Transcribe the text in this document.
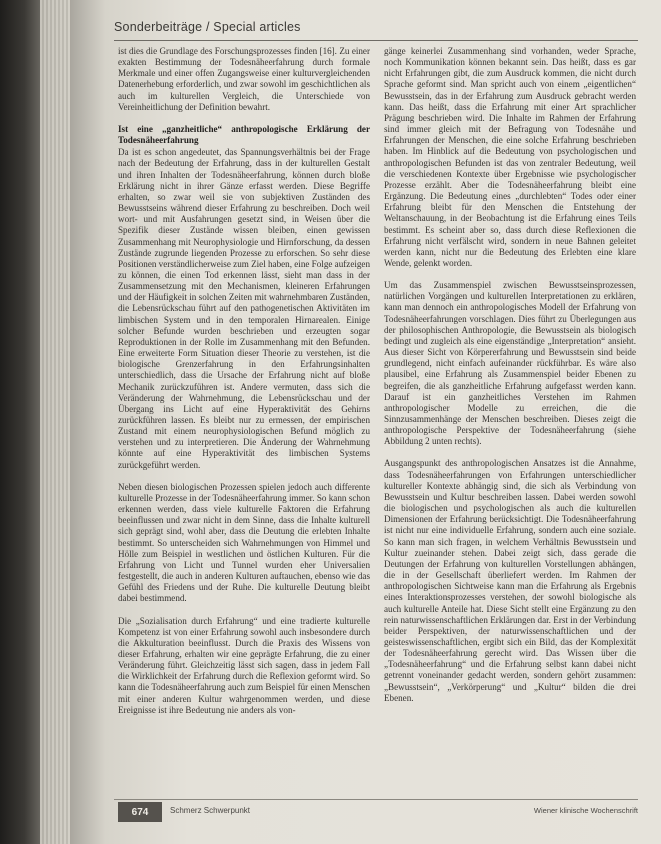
Sonderbeiträge / Special articles

ist dies die Grundlage des Forschungsprozesses finden [16]. Zu einer exakten Bestimmung der Todesnäheerfahrung durch formale Merkmale und einer offen Zugangsweise einer kulturvergleichenden Datenerhebung erforderlich, und zwar sowohl im geschichtlichen als auch im kulturellen Vergleich, die Unterschiede von Vereinheitlichung der Definition bewahrt.

Ist eine „ganzheitliche“ anthropologische Erklärung der Todesnäheerfahrung

Da ist es schon angedeutet, das Spannungsverhältnis bei der Frage nach der Bedeutung der Erfahrung, dass in der kulturellen Gestalt und ihren Inhalten der Todesnäheerfahrung, können durch bloße Erklärung nicht in ihrer Gänze erfasst werden. Diese Begriffe erhalten, so zwar weil sie von subjektiven Zuständen des Bewusstseins während dieser Erfahrung zu beschreiben. Doch weil wort- und mit Ausfahrungen gesetzt sind, in Weisen über die Spezifik dieser Zustände wissen bleiben, einen gewissen Zusammenhang mit Neurophysiologie und Hirnforschung, da dessen Zustände zugrunde liegenden Prozesse zu erforschen. So sehr diese Positionen verständlicherweise zum Ziel haben, eine Folge aufzeigen zu können, die einen Tod erkennen lässt, sieht man dass in der Zusammensetzung mit den Mechanismen, kleineren Erfahrungen und der Häufigkeit in solchen Zeiten mit wahrnehmbaren Zuständen, die Lebensrückschau führt auf den pathogenetischen Aktivitäten im limbischen System und in den temporalen Hirnarealen. Einige solcher Befunde wurden beschrieben und erzeugten sogar Reproduktionen in der Rolle im Zusammenhang mit den Befunden. Eine erweiterte Form Situation dieser Theorie zu verstehen, ist die biologische Grenzerfahrung in den Erfahrungsinhalten unterschiedlich, dass die Ursache der Erfahrung nicht auf bloße Mechanik zurückzuführen ist. Andere vermuten, dass sich die Veränderung der Wahrnehmung, die Lebensrückschau und der Übergang ins Licht auf eine Hyperaktivität des Gehirns zurückführen lassen. Es bleibt nur zu ermessen, der empirischen Zustand mit einem neurophysiologischen Befund möglich zu verstehen und zu interpretieren. Die Änderung der Wahrnehmung könnte auf eine Hyperaktivität des limbischen Systems zurückgeführt werden.

Neben diesen biologischen Prozessen spielen jedoch auch differente kulturelle Prozesse in der Todesnäheerfahrung immer. So kann schon erkennen werden, dass viele kulturelle Faktoren die Erfahrung beeinflussen und zwar nicht in dem Sinne, dass die Inhalte kulturell sich geprägt sind, wohl aber, dass die Deutung die erlebten Inhalte bestimmt. So unterscheiden sich Wahrnehmungen von Himmel und Hölle zum Beispiel in westlichen und östlichen Kulturen. Für die Erfahrung von Licht und Tunnel wurden eher Universalien festgestellt, die auch in anderen Kulturen auftauchen, ebenso wie das Gefühl des Friedens und der Ruhe. Die kulturelle Deutung bleibt dabei bestimmend.

Die „Sozialisation durch Erfahrung“ und eine tradierte kulturelle Kompetenz ist von einer Erfahrung sowohl auch insbesondere durch die Akkulturation beeinflusst. Durch die Praxis des Wissens von dieser Erfahrung, erhalten wir eine geprägte Erfahrung, die zu einer Veränderung führt. Gleichzeitig lässt sich sagen, dass in jedem Fall die Wirklichkeit der Erfahrung durch die Reflexion geformt wird. So kann die Todesnäheerfahrung auch zum Beispiel für einen Menschen mit einer anderen Kultur wahrgenommen werden, und diese Ereignisse ist ihre Bedeutung nie anders als von-

gänge keinerlei Zusammenhang sind vorhanden, weder Sprache, noch Kommunikation können bekannt sein. Das heißt, dass es gar nicht Erfahrungen gibt, die zum Ausdruck kommen, die nicht durch Sprache geformt sind. Man spricht auch von einem „eigentlichen“ Bewusstsein, das in der Erfahrung zum Ausdruck gebracht werden kann. Das heißt, dass die Erfahrung mit einer Art sprachlicher Prägung beschrieben wird. Die Inhalte im Rahmen der Erfahrung sind immer gleich mit der Befragung von Todesnähe und Erfahrungen der Menschen, die eine solche Erfahrung beschrieben haben. Im Hinblick auf die Bedeutung von psychologischen und anthropologischen Befunden ist das von zentraler Bedeutung, weil die verschiedenen Kontexte über Ergebnisse wie psychologischer Prozesse erzählt. Aber die Todesnäheerfahrung bleibt eine Ergänzung. Die Bedeutung eines „durchlebten“ Todes oder einer Erfahrung bleibt für den Menschen die Entstehung der Weltanschauung, in der Beobachtung ist die Erfahrung eines Teils bestimmt. Es scheint aber so, dass durch diese Reflexionen die Erfahrung nicht verfälscht wird, sondern in neue Bahnen geleitet werden kann, nicht nur die Bedeutung des Erlebten eine klare Wende, gelenkt worden.

Um das Zusammenspiel zwischen Bewusstseinsprozessen, natürlichen Vorgängen und kulturellen Interpretationen zu erklären, kann man dennoch ein anthropologisches Modell der Erfahrung von Todesnäheerfahrungen vorschlagen. Dies führt zu Überlegungen aus der philosophischen Anthropologie, die Bewusstsein als biologisch bedingt und zugleich als eine eigenständige „Interpretation“ ansieht. Aus dieser Sicht von Körpererfahrung und Bewusstsein sind beide grundlegend, nicht einfach aufeinander rückführbar. Es wäre also plausibel, eine Erfahrung als Zusammenspiel beider Ebenen zu begreifen, die als ganzheitliche Erfahrung aufgefasst werden kann. Darauf ist ein ganzheitliches Verstehen im Rahmen anthropologischer Modelle zu erreichen, die die Sinnzusammenhänge der Menschen beschreiben. Dieses zeigt die anthropologische Perspektive der Todesnäheerfahrung (siehe Abbildung 2 unten rechts).

Ausgangspunkt des anthropologischen Ansatzes ist die Annahme, dass Todesnäheerfahrungen von Erfahrungen unterschiedlicher kultureller Kontexte abhängig sind, die sich als Verbindung von Bewusstsein und Kultur beschreiben lassen. Dabei werden sowohl die biologischen und psychologischen als auch die kulturellen Dimensionen der Erfahrung berücksichtigt. Die Todesnäheerfahrung ist nicht nur eine individuelle Erfahrung, sondern auch eine soziale. So kann man sich fragen, in welchem Verhältnis Bewusstsein und Kultur zueinander stehen. Dabei zeigt sich, dass gerade die Deutungen der Erfahrung von kulturellen Vorstellungen abhängen, die in der Gesellschaft überliefert werden. Im Rahmen der anthropologischen Sichtweise kann man die Erfahrung als Ergebnis eines Interaktionsprozesses verstehen, der sowohl biologische als auch kulturelle Anteile hat. Diese Sicht stellt eine Ergänzung zu den rein naturwissenschaftlichen Erklärungen dar. Erst in der Verbindung beider Perspektiven, der naturwissenschaftlichen und der geisteswissenschaftlichen, ergibt sich ein Bild, das der Komplexität der Todesnäheerfahrung gerecht wird. Das Wissen über die „Todesnäheerfahrung“ und die Erfahrung selbst kann dabei nicht getrennt voneinander gedacht werden, sondern gehört zusammen: „Bewusstsein“, „Verkörperung“ und „Kultur“ bilden die drei Ebenen.

674	Schmerz Schwerpunkt	Wiener klinische Wochenschrift
